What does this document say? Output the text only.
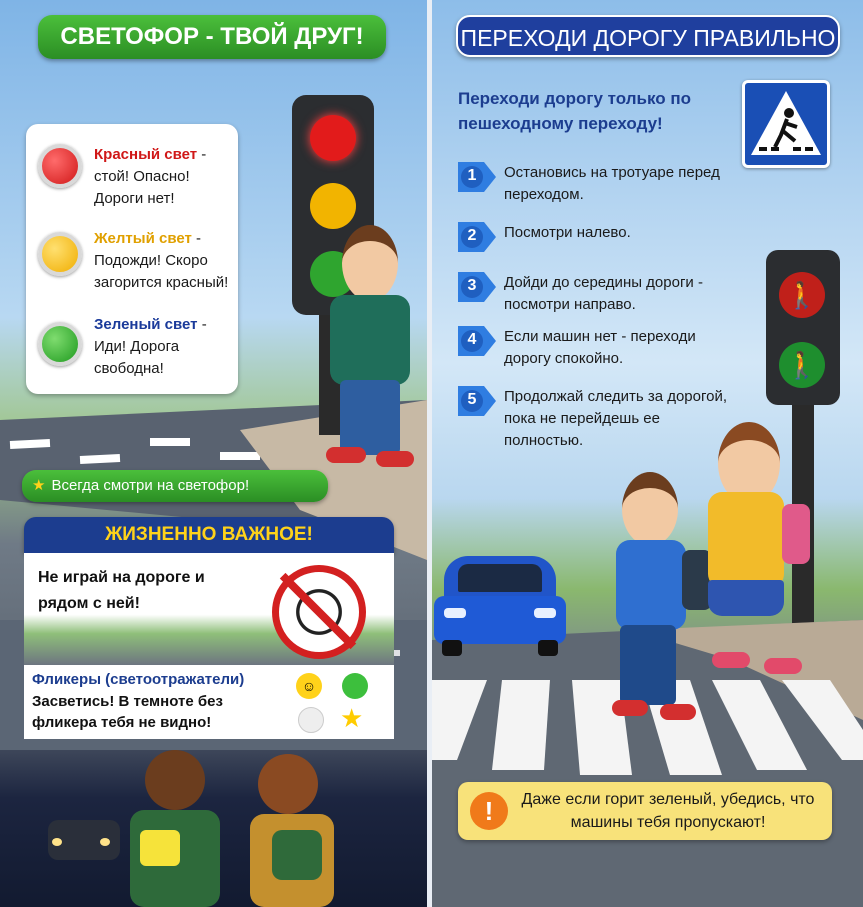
СВЕТОФОР - ТВОЙ ДРУГ!
Красный свет - стой! Опасно! Дороги нет!
Желтый свет - Подожди! Скоро загорится красный!
Зеленый свет - Иди! Дорога свободна!
★ Всегда смотри на светофор!
ЖИЗНЕННО ВАЖНОЕ!
Не играй на дороге и рядом с ней!
Фликеры (светоотражатели)
Засветись! В темноте без фликера тебя не видно!
☺
★
ПЕРЕХОДИ ДОРОГУ ПРАВИЛЬНО
Переходи дорогу только по пешеходному переходу!
1 Остановись на тротуаре перед переходом.
2 Посмотри налево.
3 Дойди до середины дороги - посмотри направо.
4 Если машин нет - переходи дорогу спокойно.
5 Продолжай следить за дорогой, пока не перейдешь ее полностью.
🚶
🚶
!	Даже если горит зеленый, убедись, что машины тебя пропускают!
